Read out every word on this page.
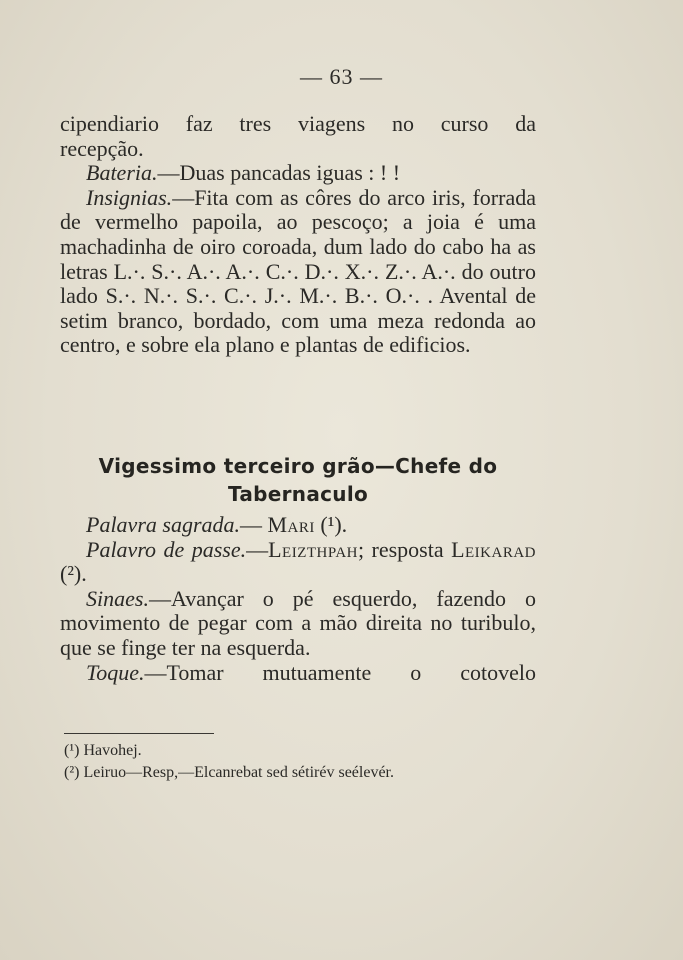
— 63 —
cipendiario faz tres viagens no curso da
recepção.
Bateria.—Duas pancadas iguas : ! !
Insignias.—Fita com as côres do arco iris, forrada de vermelho papoila, ao pescoço; a joia é uma machadinha de oiro coroada, dum lado do cabo ha as letras L.·. S.·. A.·. A.·. C.·. D.·. X.·. Z.·. A.·. do outro lado S.·. N.·. S.·. C.·. J.·. M.·. B.·. O.·. . Avental de setim branco, bordado, com uma meza redonda ao centro, e sobre ela plano e plantas de edificios.
Vigessimo terceiro grão—Chefe do
Tabernaculo
Palavra sagrada.— Mari (¹).
Palavro de passe.—Leizthpah; resposta Leikarad (²).
Sinaes.—Avançar o pé esquerdo, fazendo o movimento de pegar com a mão direita no turibulo, que se finge ter na esquerda.
Toque.—Tomar mutuamente o cotovelo
(¹) Havohej.
(²) Leiruo—Resp,—Elcanrebat sed sétirév seélevér.
